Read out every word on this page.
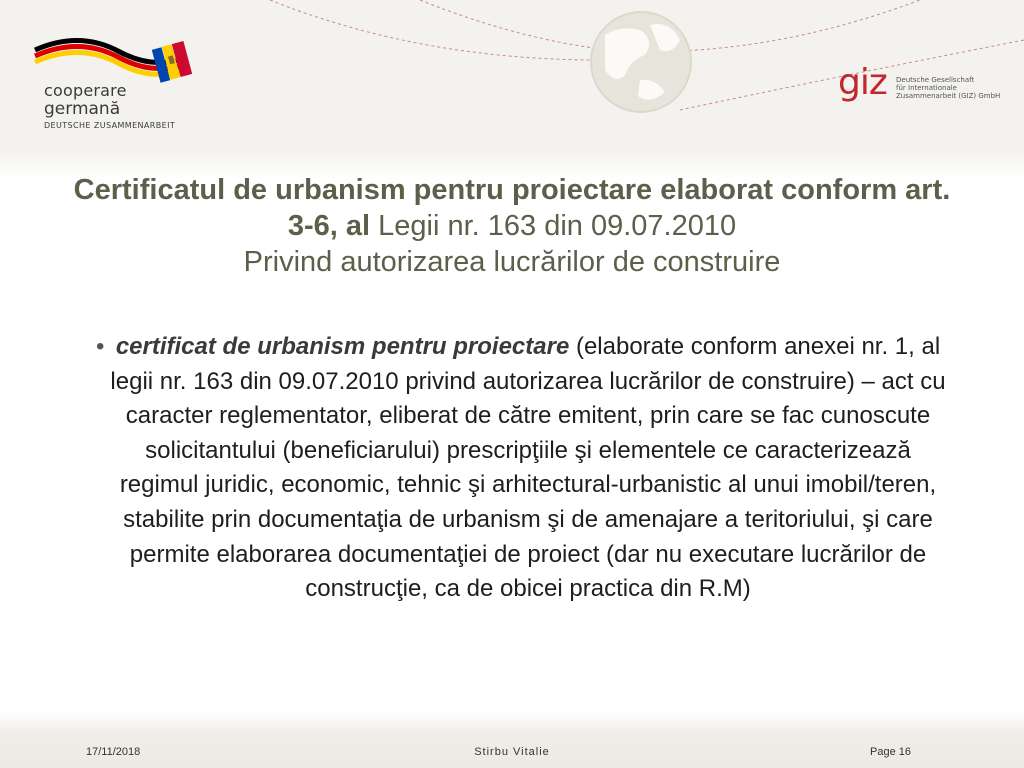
cooperare
germană
DEUTSCHE ZUSAMMENARBEIT
giz Deutsche Gesellschaft
für Internationale
Zusammenarbeit (GIZ) GmbH
Certificatul de urbanism pentru proiectare elaborat conform art. 3-6, al Legii nr. 163 din 09.07.2010
Privind autorizarea lucrărilor de construire
• certificat de urbanism pentru proiectare (elaborate conform anexei nr. 1, al legii nr. 163 din 09.07.2010 privind autorizarea lucrărilor de construire) – act cu caracter reglementator, eliberat de către emitent, prin care se fac cunoscute solicitantului (beneficiarului) prescripţiile şi elementele ce caracterizează regimul juridic, economic, tehnic şi arhitectural-urbanistic al unui imobil/teren, stabilite prin documentaţia de urbanism şi de amenajare a teritoriului, şi care permite elaborarea documentaţiei de proiect (dar nu executare lucrărilor de construcţie, ca de obicei practica din R.M)
17/11/2018	Stirbu Vitalie	Page 16
